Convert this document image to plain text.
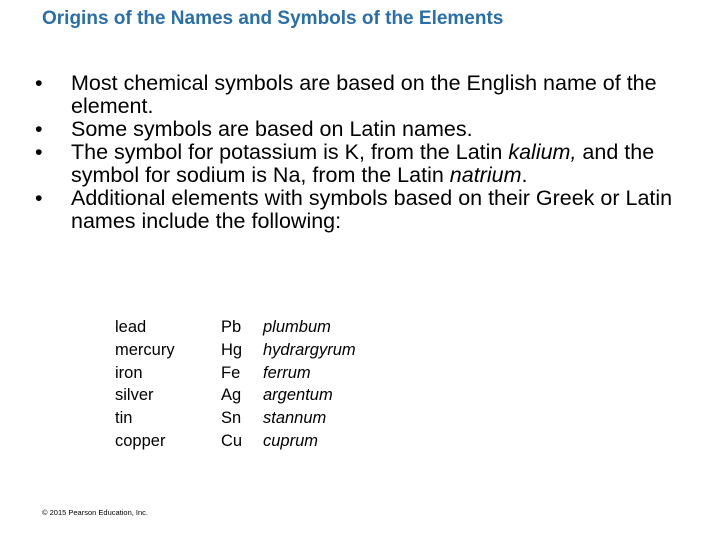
Origins of the Names and Symbols of the Elements
• Most chemical symbols are based on the English name of the element.
• Some symbols are based on Latin names.
• The symbol for potassium is K, from the Latin kalium, and the symbol for sodium is Na, from the Latin natrium.
• Additional elements with symbols based on their Greek or Latin names include the following:
lead	Pb	plumbum
mercury	Hg	hydrargyrum
iron	Fe	ferrum
silver	Ag	argentum
tin	Sn	stannum
copper	Cu	cuprum
© 2015 Pearson Education, Inc.
